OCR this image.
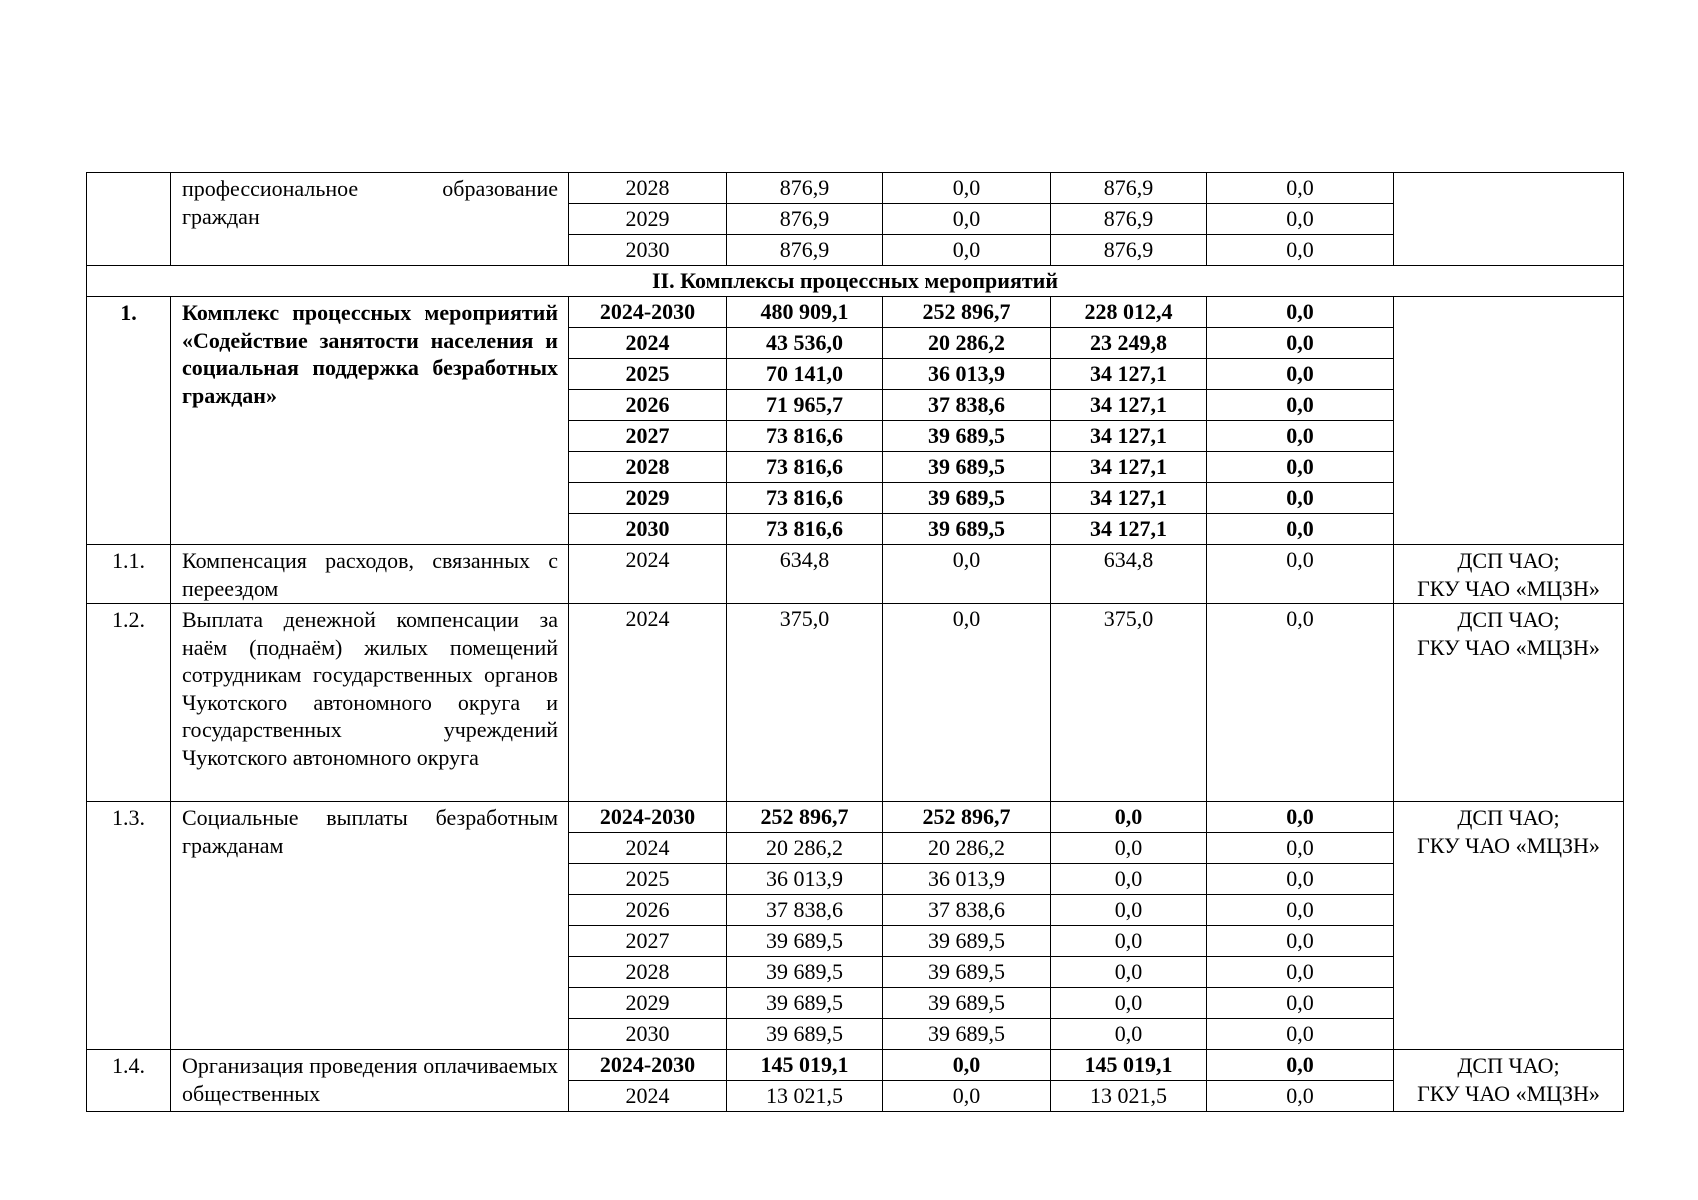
	профессиональное образование граждан	2028	876,9	0,0	876,9	0,0	
		2029	876,9	0,0	876,9	0,0	
		2030	876,9	0,0	876,9	0,0	
II. Комплексы процессных мероприятий							
1.	Комплекс процессных мероприятий «Содействие занятости населения и социальная поддержка безработных граждан»	2024-2030	480 909,1	252 896,7	228 012,4	0,0	
		2024	43 536,0	20 286,2	23 249,8	0,0	
		2025	70 141,0	36 013,9	34 127,1	0,0	
		2026	71 965,7	37 838,6	34 127,1	0,0	
		2027	73 816,6	39 689,5	34 127,1	0,0	
		2028	73 816,6	39 689,5	34 127,1	0,0	
		2029	73 816,6	39 689,5	34 127,1	0,0	
		2030	73 816,6	39 689,5	34 127,1	0,0	
1.1.	Компенсация расходов, связанных с переездом	2024	634,8	0,0	634,8	0,0	ДСП ЧАО;
ГКУ ЧАО «МЦЗН»

1.2.	Выплата денежной компенсации за наём (поднаём) жилых помещений сотрудникам государственных органов Чукотского автономного округа и государственных учреждений Чукотского автономного округа	2024	375,0	0,0	375,0	0,0	ДСП ЧАО;
ГКУ ЧАО «МЦЗН»

1.3.	Социальные выплаты безработным гражданам	2024-2030	252 896,7	252 896,7	0,0	0,0	ДСП ЧАО;
ГКУ ЧАО «МЦЗН»

		2024	20 286,2	20 286,2	0,0	0,0	
		2025	36 013,9	36 013,9	0,0	0,0	
		2026	37 838,6	37 838,6	0,0	0,0	
		2027	39 689,5	39 689,5	0,0	0,0	
		2028	39 689,5	39 689,5	0,0	0,0	
		2029	39 689,5	39 689,5	0,0	0,0	
		2030	39 689,5	39 689,5	0,0	0,0	
1.4.	Организация проведения оплачиваемых общественных	2024-2030	145 019,1	0,0	145 019,1	0,0	ДСП ЧАО;
ГКУ ЧАО «МЦЗН»

		2024	13 021,5	0,0	13 021,5	0,0	
